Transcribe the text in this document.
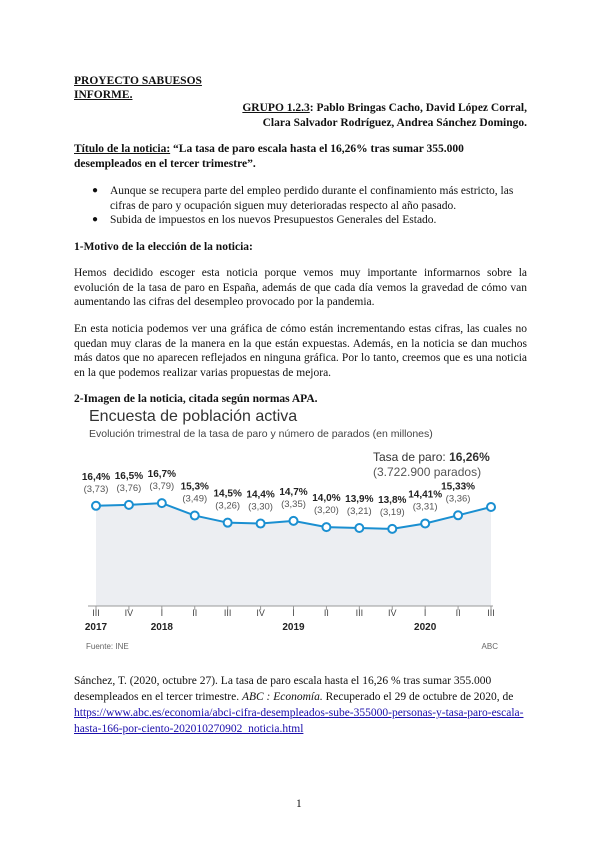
PROYECTO SABUESOS
INFORME.
GRUPO 1.2.3: Pablo Bringas Cacho, David López Corral,
Clara Salvador Rodríguez, Andrea Sánchez Domingo.
Título de la noticia: “La tasa de paro escala hasta el 16,26% tras sumar 355.000
desempleados en el tercer trimestre”.
● Aunque se recupera parte del empleo perdido durante el confinamiento más estricto, las cifras de paro y ocupación siguen muy deterioradas respecto al año pasado.
● Subida de impuestos en los nuevos Presupuestos Generales del Estado.
1-Motivo de la elección de la noticia:
Hemos decidido escoger esta noticia porque vemos muy importante informarnos sobre la evolución de la tasa de paro en España, además de que cada día vemos la gravedad de cómo van aumentando las cifras del desempleo provocado por la pandemia.
En esta noticia podemos ver una gráfica de cómo están incrementando estas cifras, las cuales no quedan muy claras de la manera en la que están expuestas. Además, en la noticia se dan muchos más datos que no aparecen reflejados en ninguna gráfica. Por lo tanto, creemos que es una noticia en la que podemos realizar varias propuestas de mejora.
2-Imagen de la noticia, citada según normas APA.
Encuesta de población activa
Evolución trimestral de la tasa de paro y número de parados (en millones)
Tasa de paro: 16,26%
(3.722.900 parados)
16,4%
(3,73)
III
16,5%
(3,76)
IV
16,7%
(3,79)
I
15,3%
(3,49)
II
14,5%
(3,26)
III
14,4%
(3,30)
IV
14,7%
(3,35)
I
14,0%
(3,20)
II
13,9%
(3,21)
III
13,8%
(3,19)
IV
14,41%
(3,31)
I
15,33%
(3,36)
II	III
2017	2018	2019	2020
Fuente: INE	ABC
Sánchez, T. (2020, octubre 27). La tasa de paro escala hasta el 16,26 % tras sumar 355.000 desempleados en el tercer trimestre. ABC : Economía. Recuperado el 29 de octubre de 2020, de
https://www.abc.es/economia/abci-cifra-desempleados-sube-355000-personas-y-tasa-paro-escala-hasta-166-por-ciento-202010270902_noticia.html
1
